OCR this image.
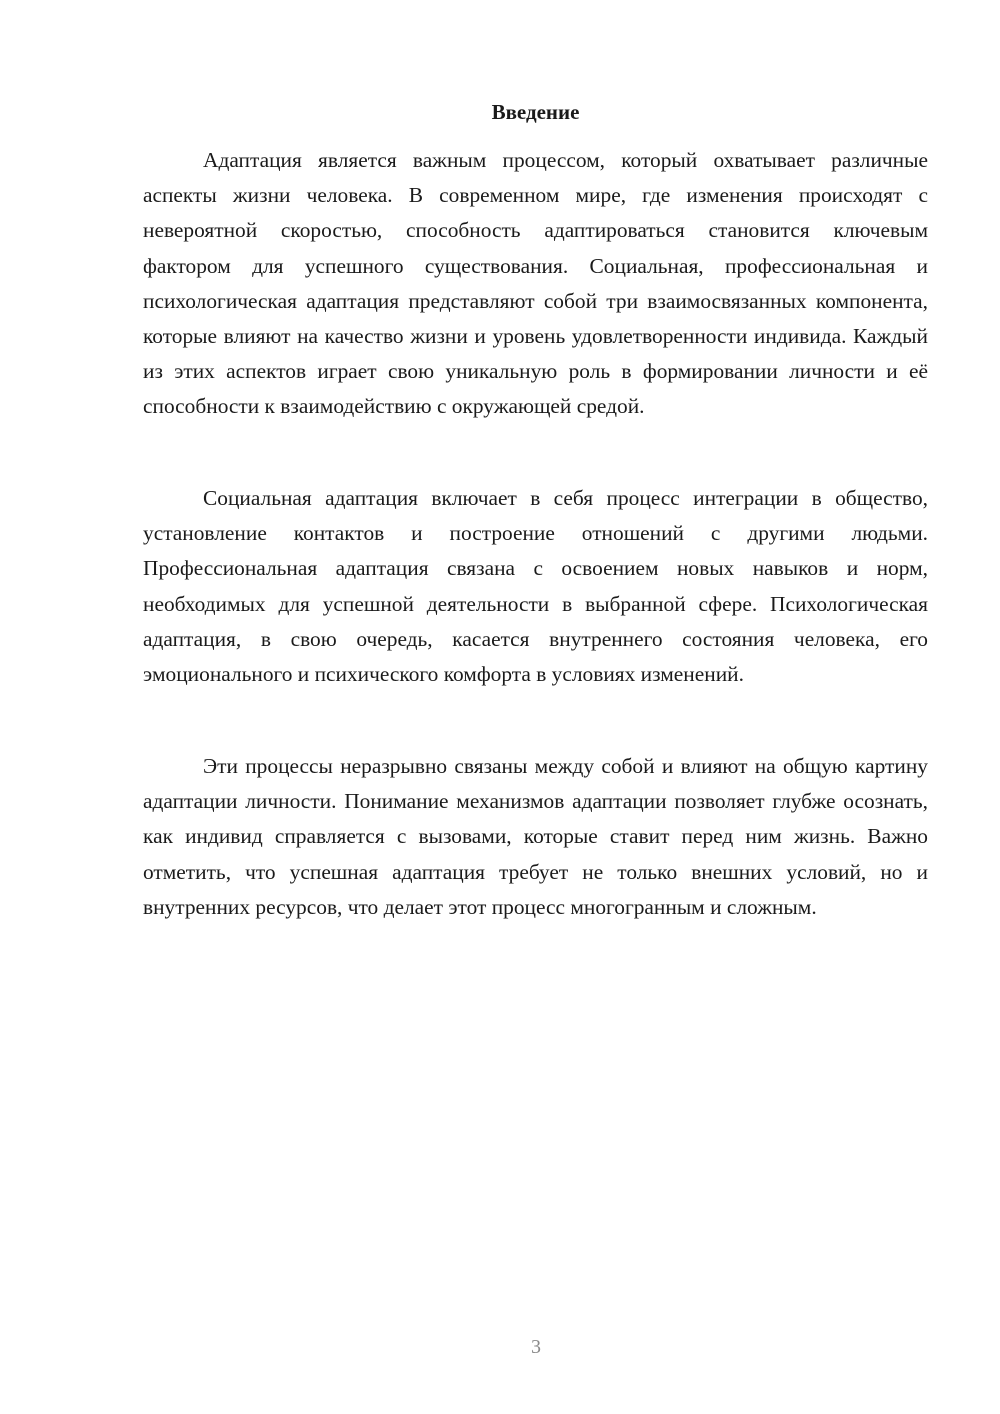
Введение

Адаптация является важным процессом, который охватывает различные аспекты жизни человека. В современном мире, где изменения происходят с невероятной скоростью, способность адаптироваться становится ключевым фактором для успешного существования. Социальная, профессиональная и психологическая адаптация представляют собой три взаимосвязанных компонента, которые влияют на качество жизни и уровень удовлетворенности индивида. Каждый из этих аспектов играет свою уникальную роль в формировании личности и её способности к взаимодействию с окружающей средой.

Социальная адаптация включает в себя процесс интеграции в общество, установление контактов и построение отношений с другими людьми. Профессиональная адаптация связана с освоением новых навыков и норм, необходимых для успешной деятельности в выбранной сфере. Психологическая адаптация, в свою очередь, касается внутреннего состояния человека, его эмоционального и психического комфорта в условиях изменений.

Эти процессы неразрывно связаны между собой и влияют на общую картину адаптации личности. Понимание механизмов адаптации позволяет глубже осознать, как индивид справляется с вызовами, которые ставит перед ним жизнь. Важно отметить, что успешная адаптация требует не только внешних условий, но и внутренних ресурсов, что делает этот процесс многогранным и сложным.

3
